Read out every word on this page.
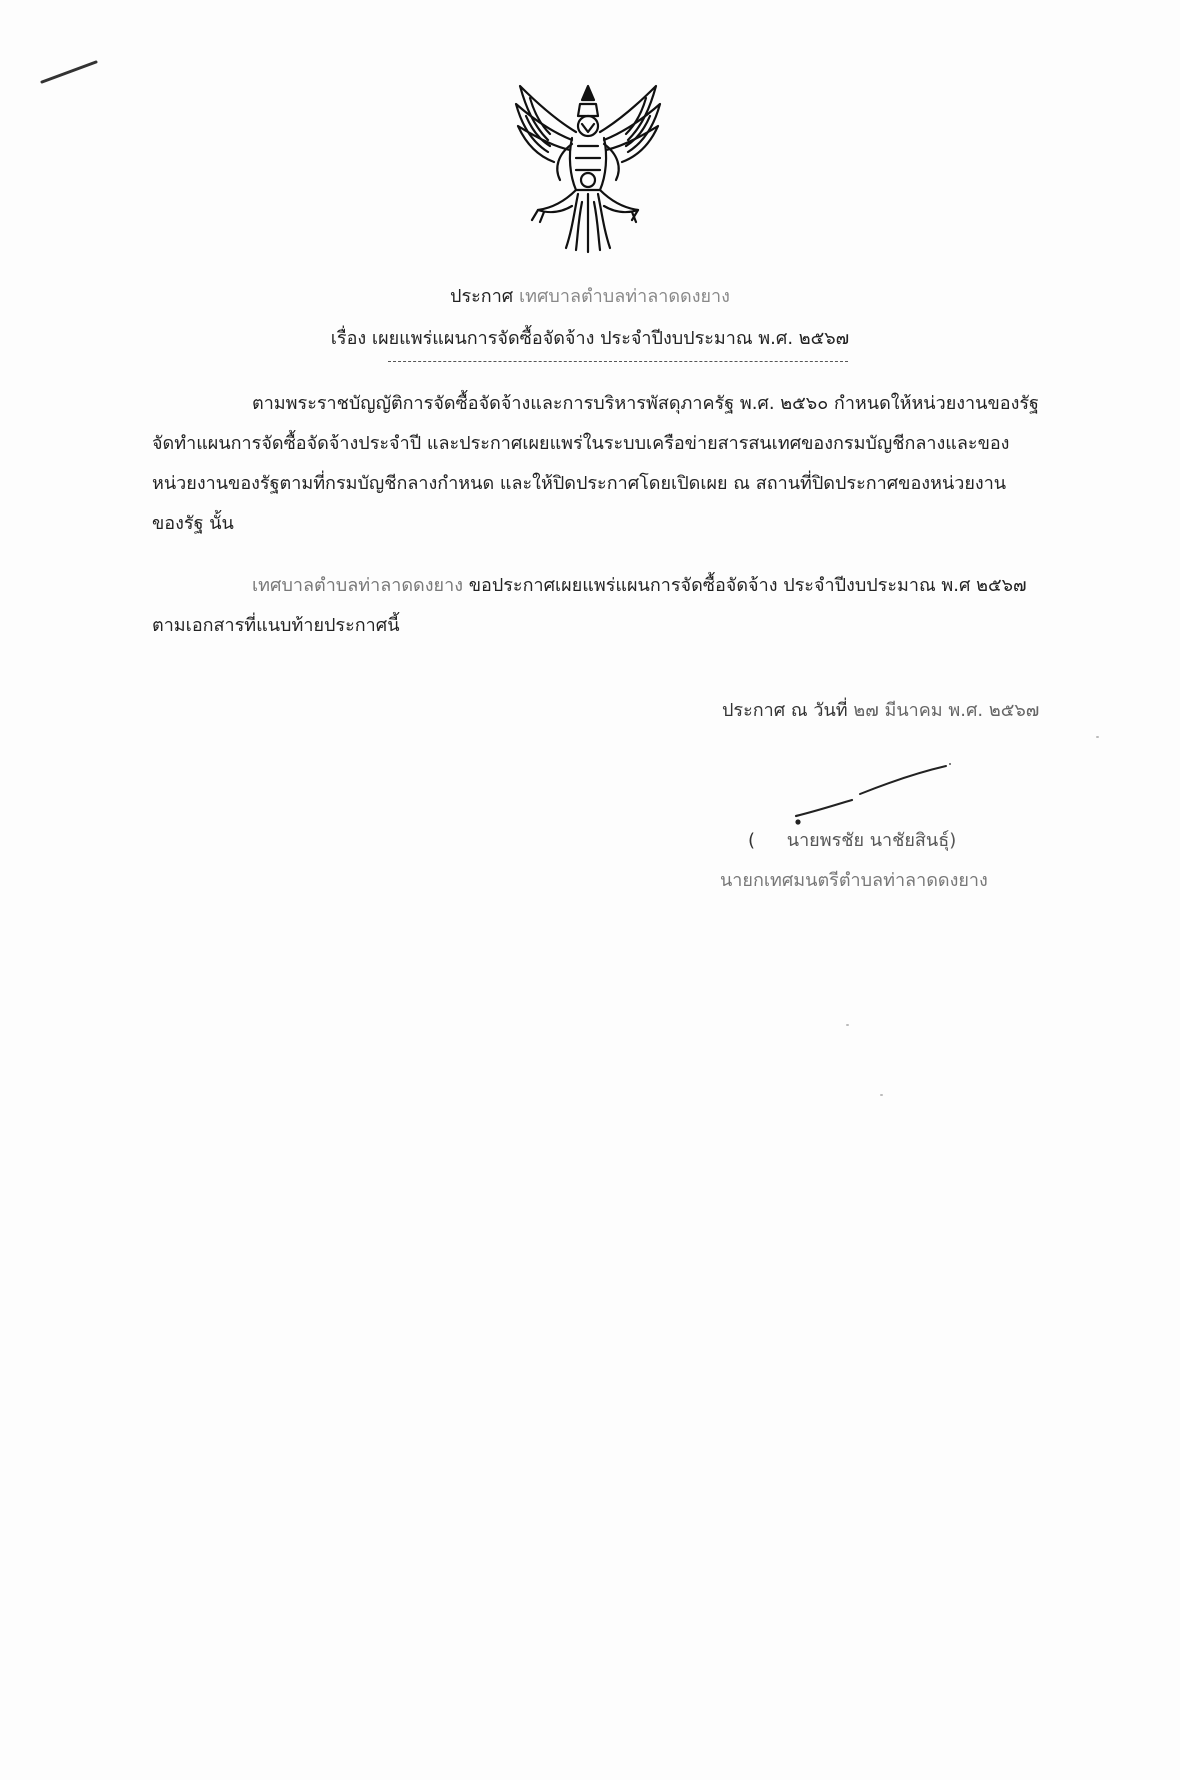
ประกาศ เทศบาลตำบลท่าลาดดงยาง
เรื่อง เผยแพร่แผนการจัดซื้อจัดจ้าง ประจำปีงบประมาณ พ.ศ. ๒๕๖๗
ตามพระราชบัญญัติการจัดซื้อจัดจ้างและการบริหารพัสดุภาครัฐ พ.ศ. ๒๕๖๐ กำหนดให้หน่วยงานของรัฐ
จัดทำแผนการจัดซื้อจัดจ้างประจำปี และประกาศเผยแพร่ในระบบเครือข่ายสารสนเทศของกรมบัญชีกลางและของ
หน่วยงานของรัฐตามที่กรมบัญชีกลางกำหนด และให้ปิดประกาศโดยเปิดเผย ณ สถานที่ปิดประกาศของหน่วยงาน
ของรัฐ นั้น
เทศบาลตำบลท่าลาดดงยาง ขอประกาศเผยแพร่แผนการจัดซื้อจัดจ้าง ประจำปีงบประมาณ พ.ศ ๒๕๖๗
ตามเอกสารที่แนบท้ายประกาศนี้
ประกาศ ณ วันที่ ๒๗ มีนาคม พ.ศ. ๒๕๖๗
( นายพรชัย นาชัยสินธุ์)
นายกเทศมนตรีตำบลท่าลาดดงยาง
